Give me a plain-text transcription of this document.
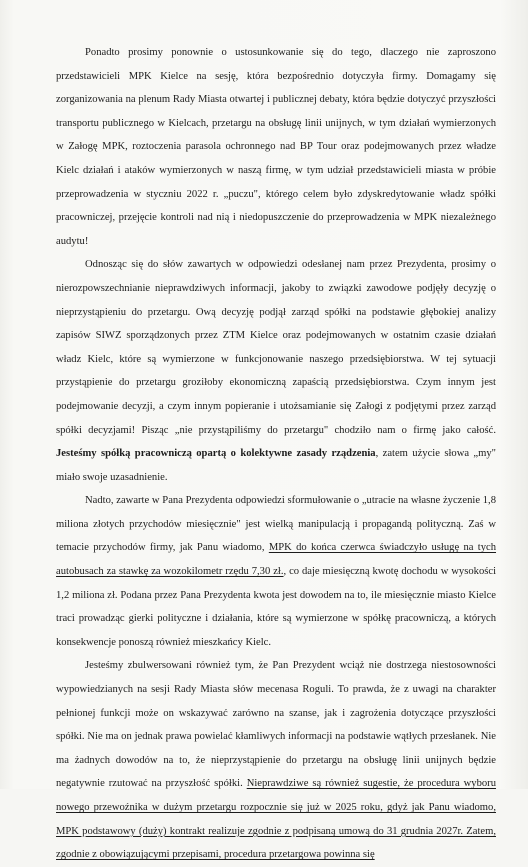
Ponadto prosimy ponownie o ustosunkowanie się do tego, dlaczego nie zaproszono przedstawicieli MPK Kielce na sesję, która bezpośrednio dotyczyła firmy. Domagamy się zorganizowania na plenum Rady Miasta otwartej i publicznej debaty, która będzie dotyczyć przyszłości transportu publicznego w Kielcach, przetargu na obsługę linii unijnych, w tym działań wymierzonych w Załogę MPK, roztoczenia parasola ochronnego nad BP Tour oraz podejmowanych przez władze Kielc działań i ataków wymierzonych w naszą firmę, w tym udział przedstawicieli miasta w próbie przeprowadzenia w styczniu 2022 r. „puczu", którego celem było zdyskredytowanie władz spółki pracowniczej, przejęcie kontroli nad nią i niedopuszczenie do przeprowadzenia w MPK niezależnego audytu!

Odnosząc się do słów zawartych w odpowiedzi odesłanej nam przez Prezydenta, prosimy o nierozpowszechnianie nieprawdziwych informacji, jakoby to związki zawodowe podjęły decyzję o nieprzystąpieniu do przetargu. Ową decyzję podjął zarząd spółki na podstawie głębokiej analizy zapisów SIWZ sporządzonych przez ZTM Kielce oraz podejmowanych w ostatnim czasie działań władz Kielc, które są wymierzone w funkcjonowanie naszego przedsiębiorstwa. W tej sytuacji przystąpienie do przetargu groziłoby ekonomiczną zapaścią przedsiębiorstwa. Czym innym jest podejmowanie decyzji, a czym innym popieranie i utożsamianie się Załogi z podjętymi przez zarząd spółki decyzjami! Pisząc „nie przystąpiliśmy do przetargu" chodziło nam o firmę jako całość. Jesteśmy spółką pracowniczą opartą o kolektywne zasady rządzenia, zatem użycie słowa „my" miało swoje uzasadnienie.

Nadto, zawarte w Pana Prezydenta odpowiedzi sformułowanie o „utracie na własne życzenie 1,8 miliona złotych przychodów miesięcznie" jest wielką manipulacją i propagandą polityczną. Zaś w temacie przychodów firmy, jak Panu wiadomo, MPK do końca czerwca świadczyło usługę na tych autobusach za stawkę za wozokilometr rzędu 7,30 zł., co daje miesięczną kwotę dochodu w wysokości 1,2 miliona zł. Podana przez Pana Prezydenta kwota jest dowodem na to, ile miesięcznie miasto Kielce traci prowadząc gierki polityczne i działania, które są wymierzone w spółkę pracowniczą, a których konsekwencje ponoszą również mieszkańcy Kielc.

Jesteśmy zbulwersowani również tym, że Pan Prezydent wciąż nie dostrzega niestosowności wypowiedzianych na sesji Rady Miasta słów mecenasa Roguli. To prawda, że z uwagi na charakter pełnionej funkcji może on wskazywać zarówno na szanse, jak i zagrożenia dotyczące przyszłości spółki. Nie ma on jednak prawa powielać kłamliwych informacji na podstawie wątłych przesłanek. Nie ma żadnych dowodów na to, że nieprzystąpienie do przetargu na obsługę linii unijnych będzie negatywnie rzutować na przyszłość spółki. Nieprawdziwe są również sugestie, że procedura wyboru nowego przewoźnika w dużym przetargu rozpocznie się już w 2025 roku, gdyż jak Panu wiadomo, MPK podstawowy (duży) kontrakt realizuje zgodnie z podpisaną umową do 31 grudnia 2027r. Zatem, zgodnie z obowiązującymi przepisami, procedura przetargowa powinna się
